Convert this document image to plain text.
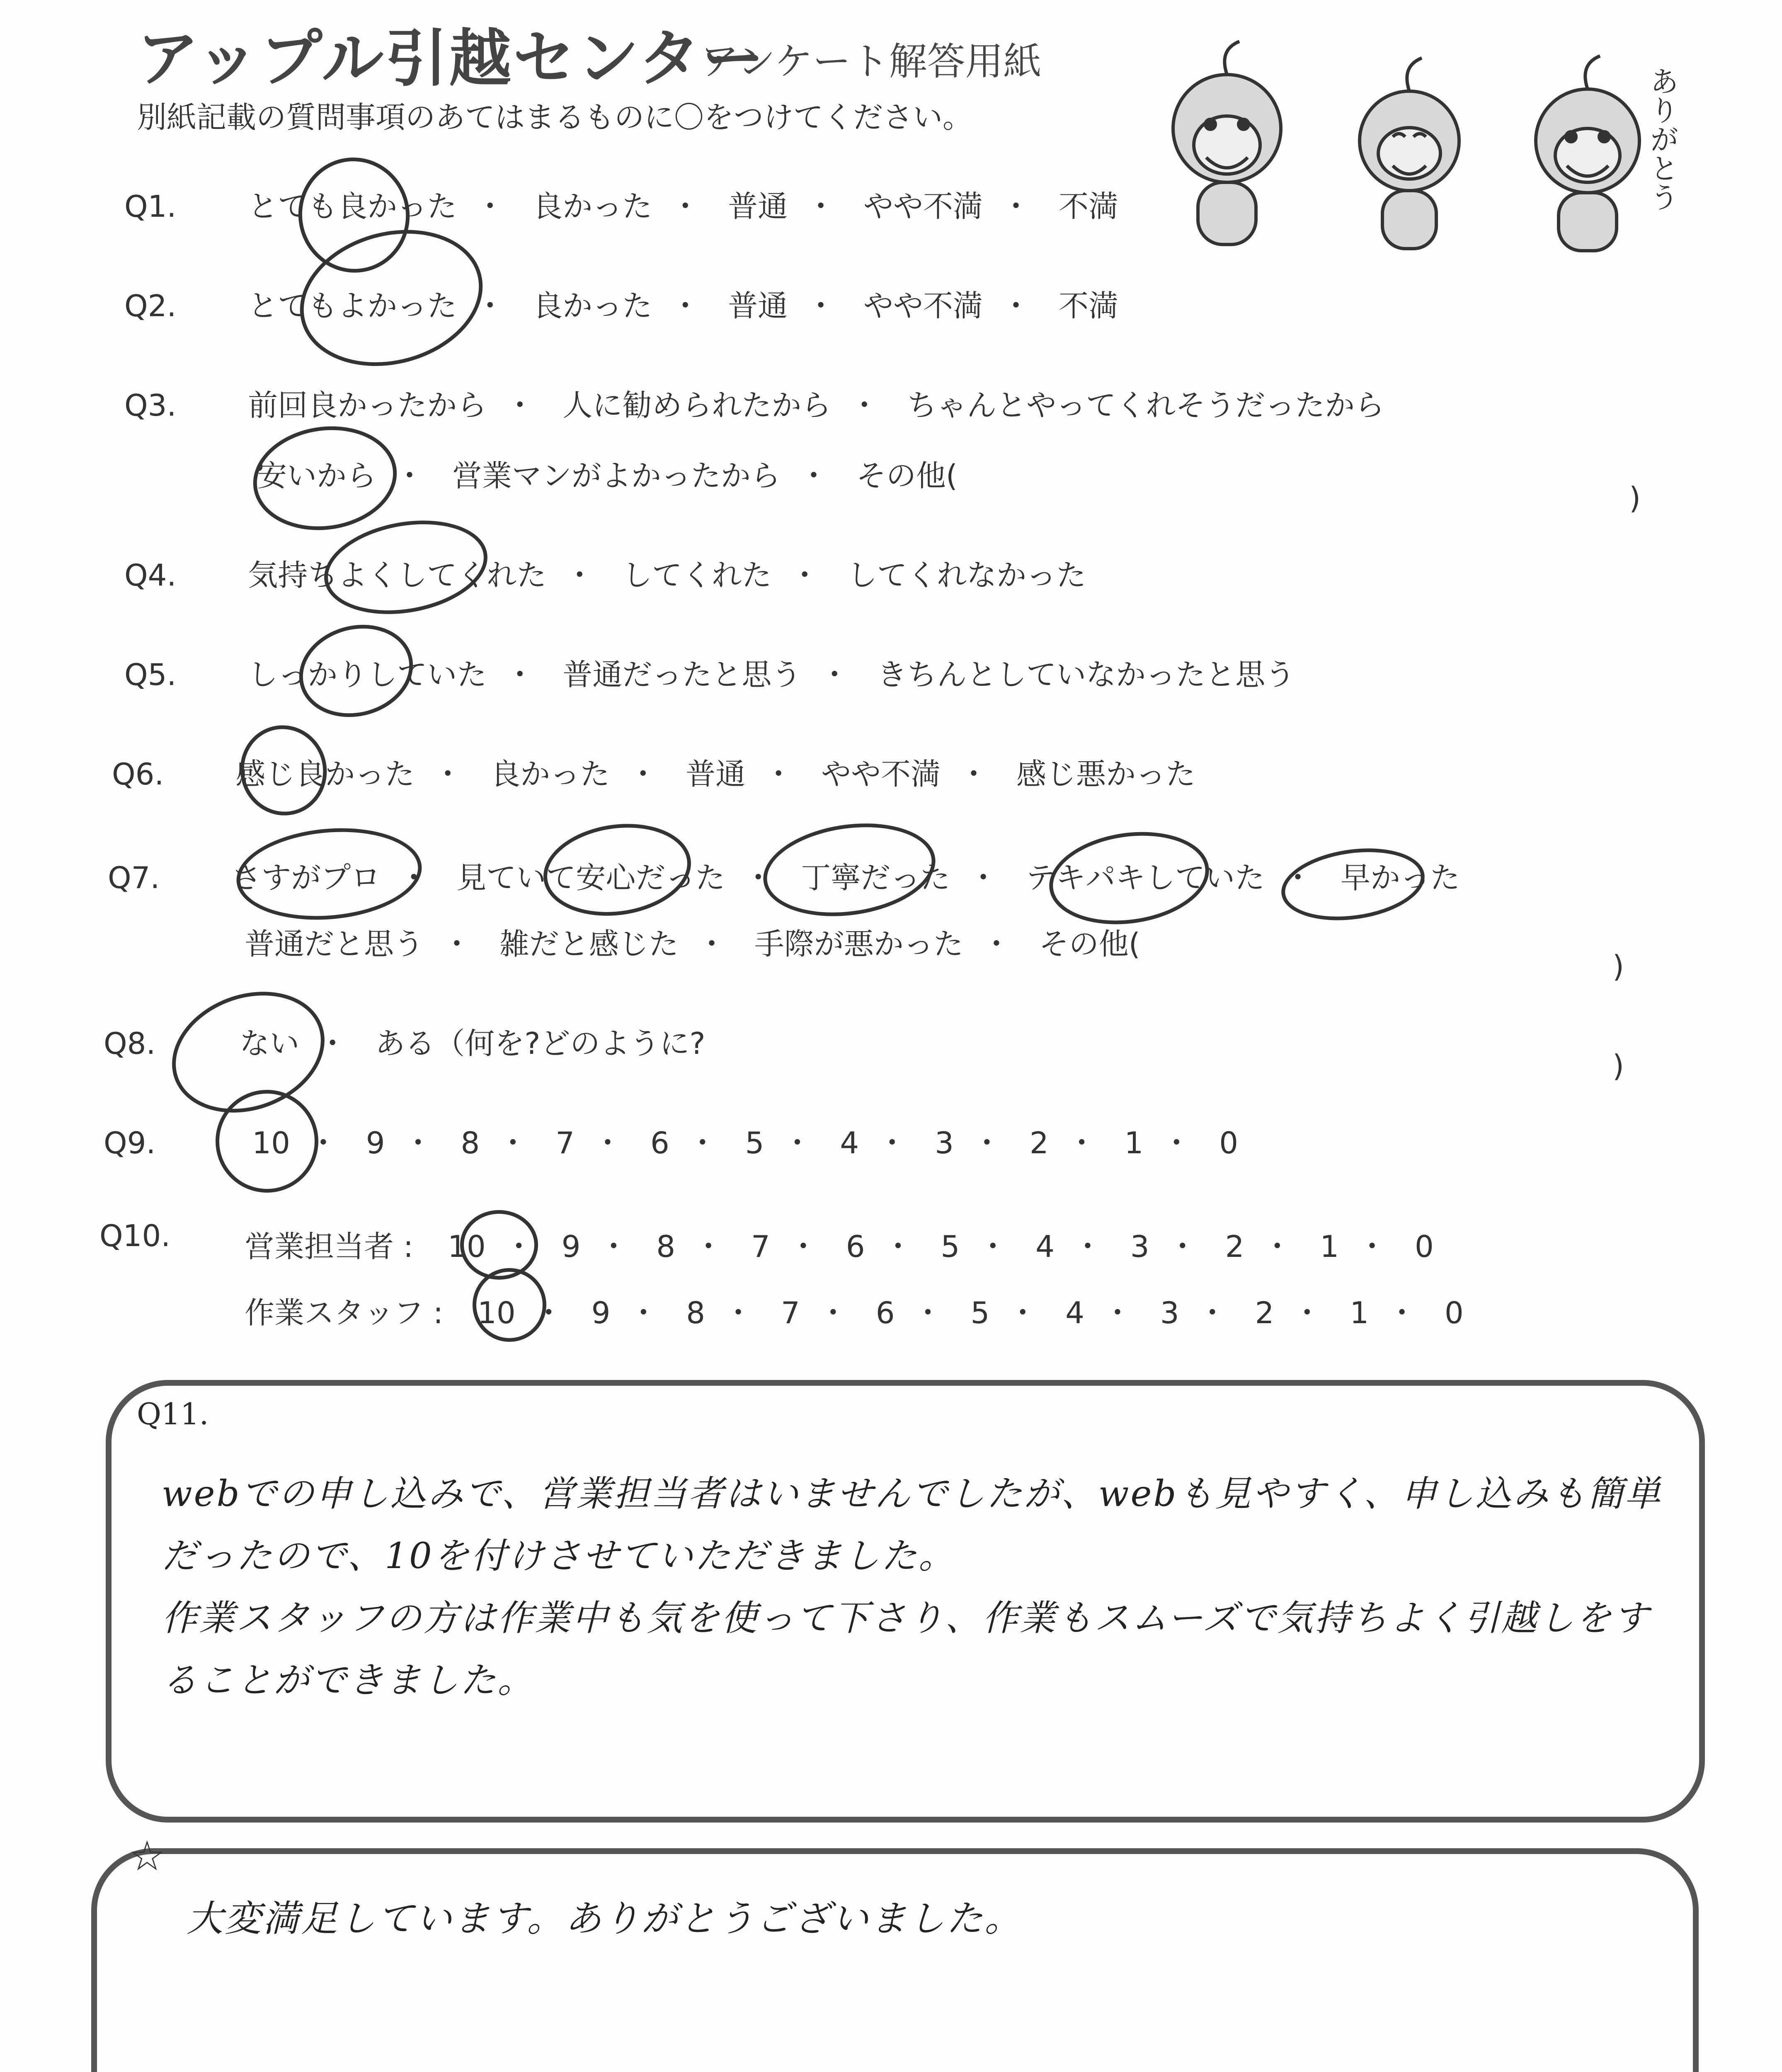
アップル引越センター
アンケート解答用紙
別紙記載の質問事項のあてはまるものに〇をつけてください。	ありがとう
Q1. とても良かった ・ 良かった ・ 普通 ・ やや不満 ・ 不満
Q2. とてもよかった ・ 良かった ・ 普通 ・ やや不満 ・ 不満
Q3. 前回良かったから ・ 人に勧められたから ・ ちゃんとやってくれそうだったから
安いから ・ 営業マンがよかったから ・ その他(
)
Q4. 気持ちよくしてくれた ・ してくれた ・ してくれなかった
Q5. しっかりしていた ・ 普通だったと思う ・ きちんとしていなかったと思う
Q6. 感じ良かった ・ 良かった ・ 普通 ・ やや不満 ・ 感じ悪かった
Q7. さすがプロ ・ 見ていて安心だった ・ 丁寧だった ・ テキパキしていた ・ 早かった
普通だと思う ・ 雑だと感じた ・ 手際が悪かった ・ その他(
)
Q8.	ない ・ ある（何を?どのように?
)
Q9.	10 ・ 9 ・ 8 ・ 7 ・ 6 ・ 5 ・ 4 ・ 3 ・ 2 ・ 1 ・ 0
Q10. 営業担当者 : 10 ・ 9 ・ 8 ・ 7 ・ 6 ・ 5 ・ 4 ・ 3 ・ 2 ・ 1 ・ 0
作業スタッフ : 10 ・ 9 ・ 8 ・ 7 ・ 6 ・ 5 ・ 4 ・ 3 ・ 2 ・ 1 ・ 0
Q11.
webでの申し込みで、営業担当者はいませんでしたが、webも見やすく、申し込みも簡単だったので、10を付けさせていただきました。
作業スタッフの方は作業中も気を使って下さり、作業もスムーズで気持ちよく引越しをすることができました。
☆
大変満足しています。ありがとうございました。
